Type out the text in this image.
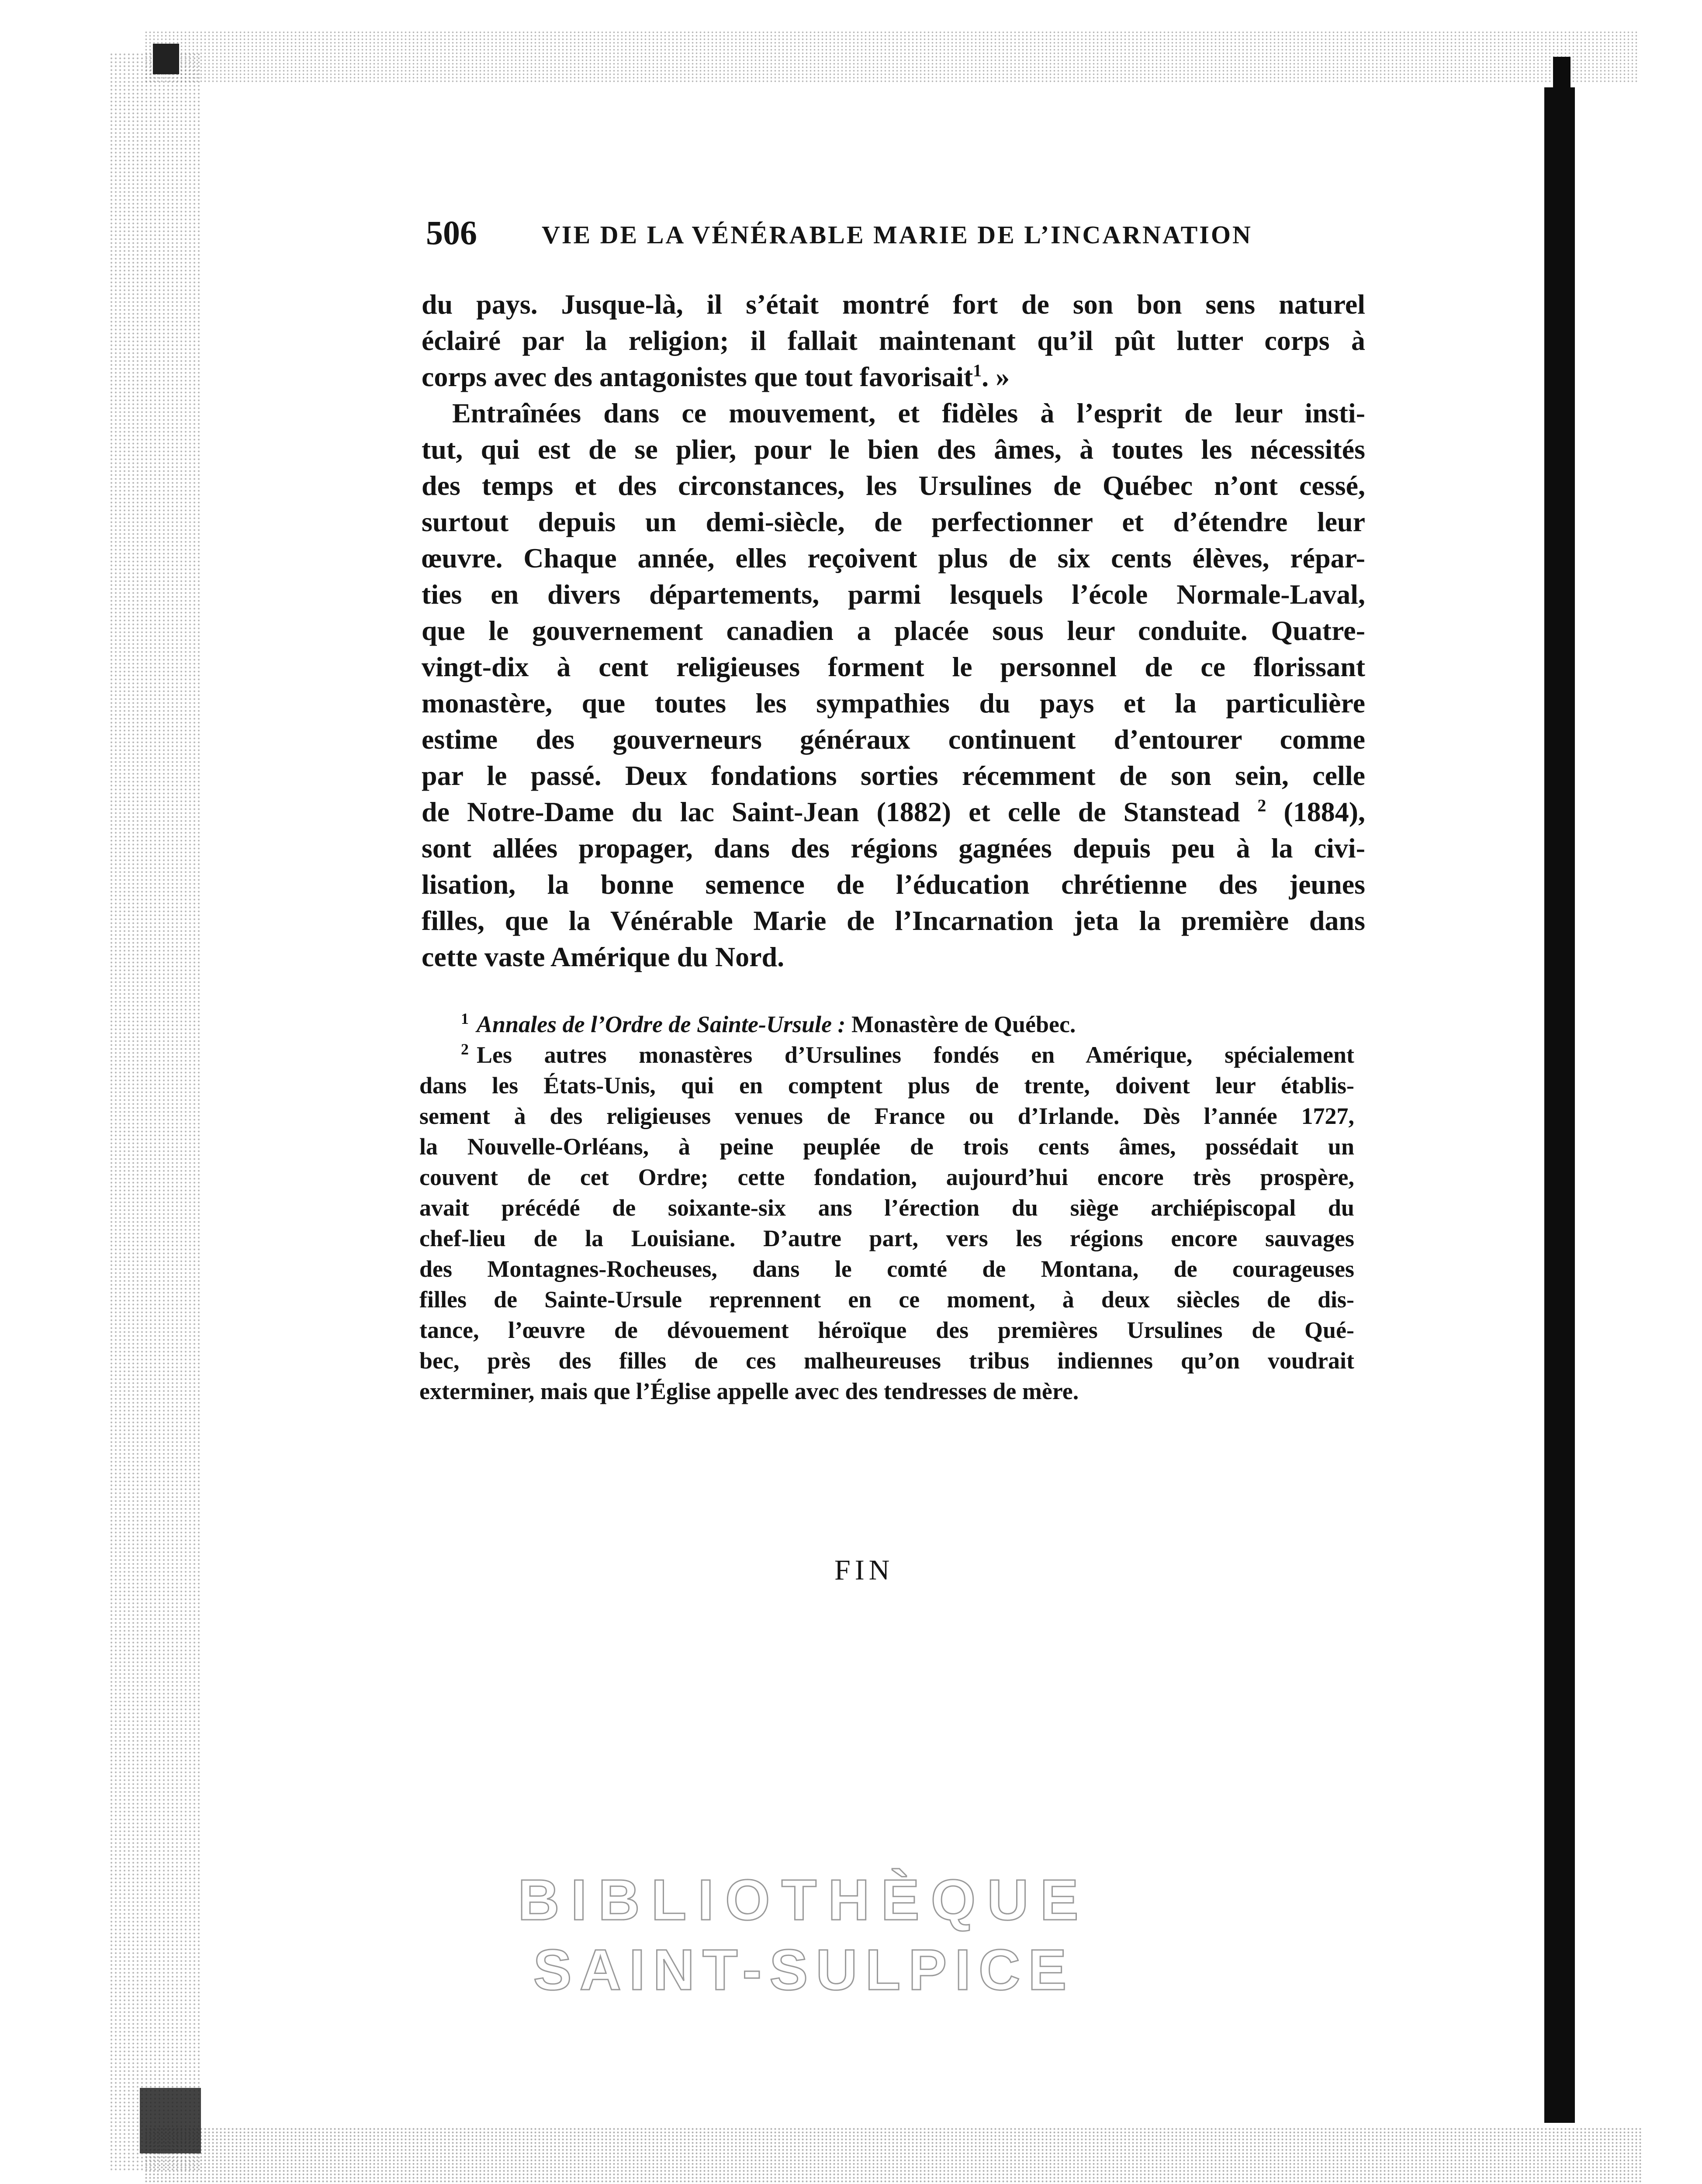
506	VIE DE LA VÉNÉRABLE MARIE DE L’INCARNATION
du pays. Jusque-là, il s’était montré fort de son bon sens naturel
éclairé par la religion; il fallait maintenant qu’il pût lutter corps à
corps avec des antagonistes que tout favorisait$^1$. »
Entraînées dans ce mouvement, et fidèles à l’esprit de leur insti-
tut, qui est de se plier, pour le bien des âmes, à toutes les nécessités
des temps et des circonstances, les Ursulines de Québec n’ont cessé,
surtout depuis un demi-siècle, de perfectionner et d’étendre leur
œuvre. Chaque année, elles reçoivent plus de six cents élèves, répar-
ties en divers départements, parmi lesquels l’école Normale-Laval,
que le gouvernement canadien a placée sous leur conduite. Quatre-
vingt-dix à cent religieuses forment le personnel de ce florissant
monastère, que toutes les sympathies du pays et la particulière
estime des gouverneurs généraux continuent d’entourer comme
par le passé. Deux fondations sorties récemment de son sein, celle
de Notre-Dame du lac Saint-Jean (1882) et celle de Stanstead $^2$ (1884),
sont allées propager, dans des régions gagnées depuis peu à la civi-
lisation, la bonne semence de l’éducation chrétienne des jeunes
filles, que la Vénérable Marie de l’Incarnation jeta la première dans
cette vaste Amérique du Nord.
$^1$ Annales de l’Ordre de Sainte-Ursule : Monastère de Québec.
$^2$ Les autres monastères d’Ursulines fondés en Amérique, spécialement
dans les États-Unis, qui en comptent plus de trente, doivent leur établis-
sement à des religieuses venues de France ou d’Irlande. Dès l’année 1727,
la Nouvelle-Orléans, à peine peuplée de trois cents âmes, possédait un
couvent de cet Ordre; cette fondation, aujourd’hui encore très prospère,
avait précédé de soixante-six ans l’érection du siège archiépiscopal du
chef-lieu de la Louisiane. D’autre part, vers les régions encore sauvages
des Montagnes-Rocheuses, dans le comté de Montana, de courageuses
filles de Sainte-Ursule reprennent en ce moment, à deux siècles de dis-
tance, l’œuvre de dévouement héroïque des premières Ursulines de Qué-
bec, près des filles de ces malheureuses tribus indiennes qu’on voudrait
exterminer, mais que l’Église appelle avec des tendresses de mère.
FIN
BIBLIOTHÈQUE
SAINT-SULPICE
